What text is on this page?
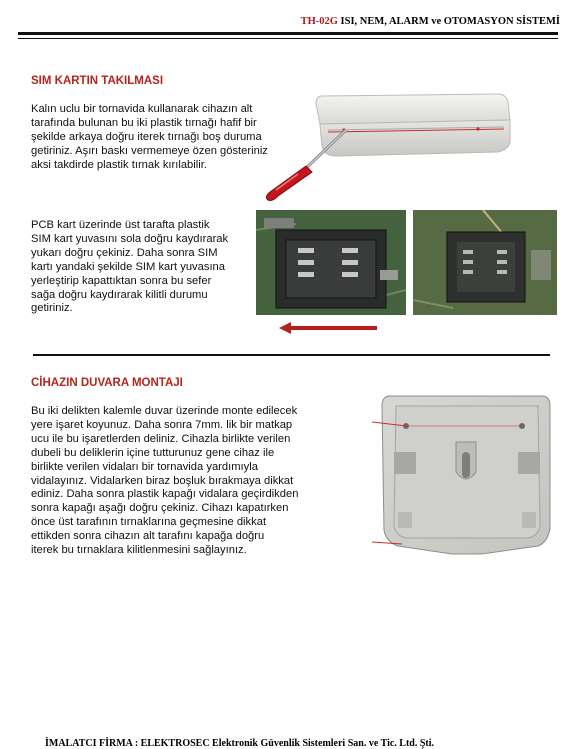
TH-02G ISI, NEM, ALARM ve OTOMASYON SİSTEMİ
SIM KARTIN TAKILMASI
Kalın uclu bir tornavida kullanarak cihazın alt
tarafında bulunan bu iki plastik tırnağı hafif bir
şekilde arkaya doğru iterek tırnağı boş duruma
getiriniz. Aşırı baskı vermemeye özen gösteriniz
aksi takdirde plastik tırnak kırılabilir.
PCB kart üzerinde üst tarafta plastik
SIM kart yuvasını sola doğru kaydırarak
yukarı doğru çekiniz. Daha sonra SIM
kartı yandaki şekilde SIM kart yuvasına
yerleştirip kapattıktan sonra bu sefer
sağa doğru kaydırarak kilitli durumu
getiriniz.
CİHAZIN DUVARA MONTAJI
Bu iki delikten kalemle duvar üzerinde monte edilecek
yere işaret koyunuz. Daha sonra 7mm. lik bir matkap
ucu ile bu işaretlerden deliniz. Cihazla birlikte verilen
dubeli bu deliklerin içine tutturunuz gene cihaz ile
birlikte verilen vidaları bir tornavida yardımıyla
vidalayınız. Vidalarken biraz boşluk bırakmaya dikkat
ediniz. Daha sonra plastik kapağı vidalara geçirdikden
sonra kapağı aşağı doğru çekiniz. Cihazı kapatırken
önce üst tarafının tırnaklarına geçmesine dikkat
ettikden sonra cihazın alt tarafını kapağa doğru
iterek bu tırnaklara kilitlenmesini sağlayınız.
İMALATCI FİRMA : ELEKTROSEC Elektronik Güvenlik Sistemleri San. ve Tic. Ltd. Şti.
